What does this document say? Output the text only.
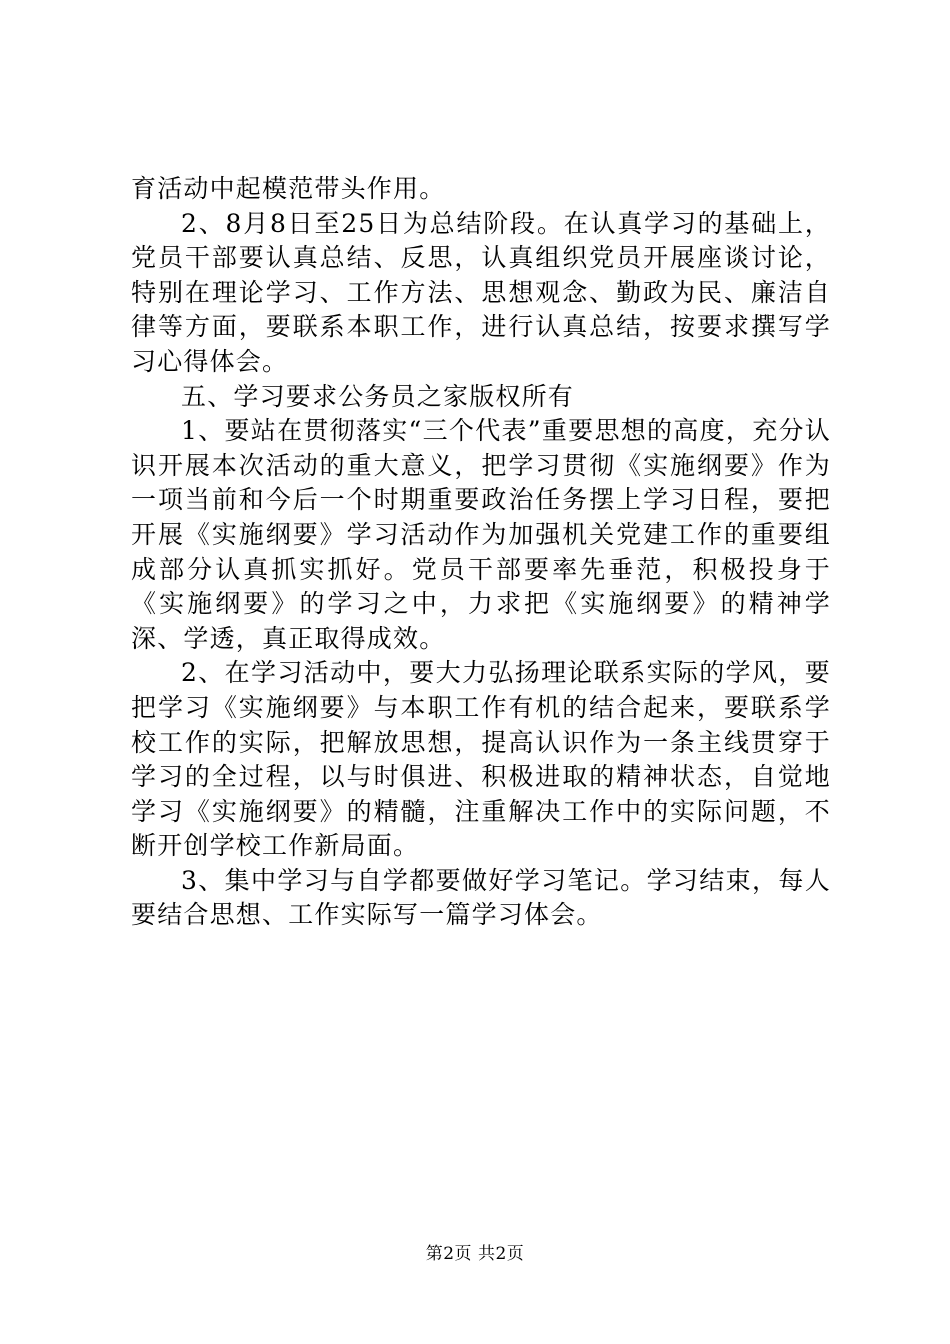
育活动中起模范带头作用。

2、8月8日至25日为总结阶段。在认真学习的基础上，党员干部要认真总结、反思，认真组织党员开展座谈讨论，特别在理论学习、工作方法、思想观念、勤政为民、廉洁自律等方面，要联系本职工作，进行认真总结，按要求撰写学习心得体会。

五、学习要求公务员之家版权所有

1、要站在贯彻落实“三个代表”重要思想的高度，充分认识开展本次活动的重大意义，把学习贯彻《实施纲要》作为一项当前和今后一个时期重要政治任务摆上学习日程，要把开展《实施纲要》学习活动作为加强机关党建工作的重要组成部分认真抓实抓好。党员干部要率先垂范，积极投身于《实施纲要》的学习之中，力求把《实施纲要》的精神学深、学透，真正取得成效。

2、在学习活动中，要大力弘扬理论联系实际的学风，要把学习《实施纲要》与本职工作有机的结合起来，要联系学校工作的实际，把解放思想，提高认识作为一条主线贯穿于学习的全过程，以与时俱进、积极进取的精神状态，自觉地学习《实施纲要》的精髓，注重解决工作中的实际问题，不断开创学校工作新局面。

3、集中学习与自学都要做好学习笔记。学习结束，每人要结合思想、工作实际写一篇学习体会。

第2页 共2页
